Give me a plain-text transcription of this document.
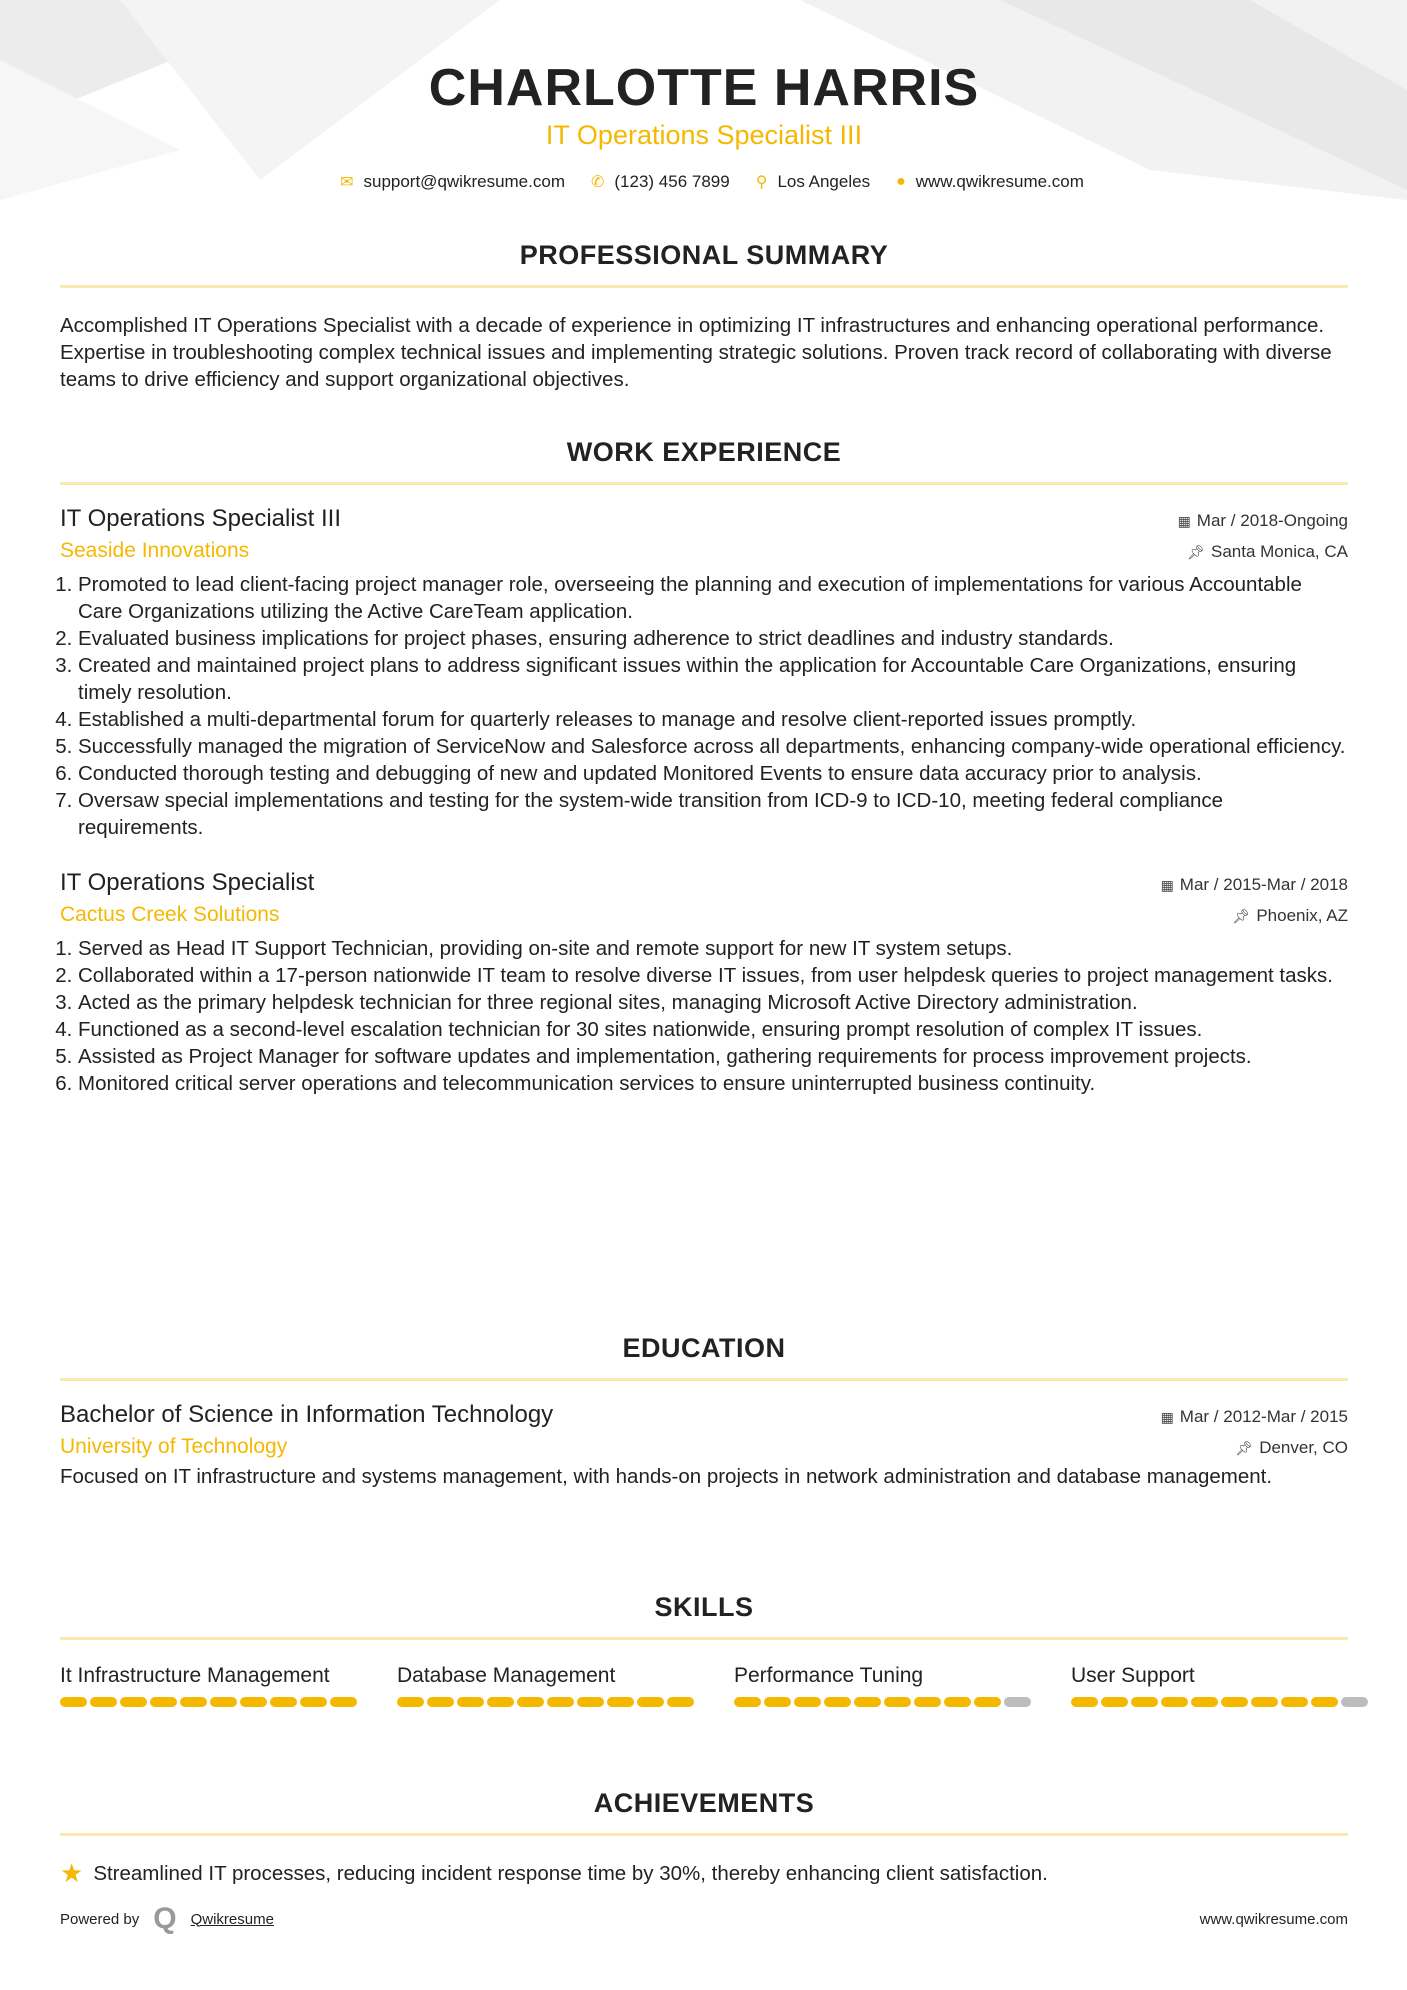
CHARLOTTE HARRIS
IT Operations Specialist III
✉ support@qwikresume.com ✆ (123) 456 7899 ⚲ Los Angeles ● www.qwikresume.com
PROFESSIONAL SUMMARY

Accomplished IT Operations Specialist with a decade of experience in optimizing IT infrastructures and enhancing operational performance. Expertise in troubleshooting complex technical issues and implementing strategic solutions. Proven track record of collaborating with diverse teams to drive efficiency and support organizational objectives.

WORK EXPERIENCE
IT Operations Specialist III	▦ Mar / 2018-Ongoing
Seaside Innovations	📌︎ Santa Monica, CA
1. Promoted to lead client-facing project manager role, overseeing the planning and execution of implementations for various Accountable Care Organizations utilizing the Active CareTeam application.
2. Evaluated business implications for project phases, ensuring adherence to strict deadlines and industry standards.
3. Created and maintained project plans to address significant issues within the application for Accountable Care Organizations, ensuring timely resolution.
4. Established a multi-departmental forum for quarterly releases to manage and resolve client-reported issues promptly.
5. Successfully managed the migration of ServiceNow and Salesforce across all departments, enhancing company-wide operational efficiency.
6. Conducted thorough testing and debugging of new and updated Monitored Events to ensure data accuracy prior to analysis.
7. Oversaw special implementations and testing for the system-wide transition from ICD-9 to ICD-10, meeting federal compliance requirements.
IT Operations Specialist	▦ Mar / 2015-Mar / 2018
Cactus Creek Solutions	📌︎ Phoenix, AZ
1. Served as Head IT Support Technician, providing on-site and remote support for new IT system setups.
2. Collaborated within a 17-person nationwide IT team to resolve diverse IT issues, from user helpdesk queries to project management tasks.
3. Acted as the primary helpdesk technician for three regional sites, managing Microsoft Active Directory administration.
4. Functioned as a second-level escalation technician for 30 sites nationwide, ensuring prompt resolution of complex IT issues.
5. Assisted as Project Manager for software updates and implementation, gathering requirements for process improvement projects.
6. Monitored critical server operations and telecommunication services to ensure uninterrupted business continuity.
EDUCATION
Bachelor of Science in Information Technology	▦ Mar / 2012-Mar / 2015
University of Technology	📌︎ Denver, CO

Focused on IT infrastructure and systems management, with hands-on projects in network administration and database management.

SKILLS
It Infrastructure Management	Database Management	Performance Tuning	User Support
ACHIEVEMENTS
★ Streamlined IT processes, reducing incident response time by 30%, thereby enhancing client satisfaction.
Powered by Q Qwikresume	www.qwikresume.com
